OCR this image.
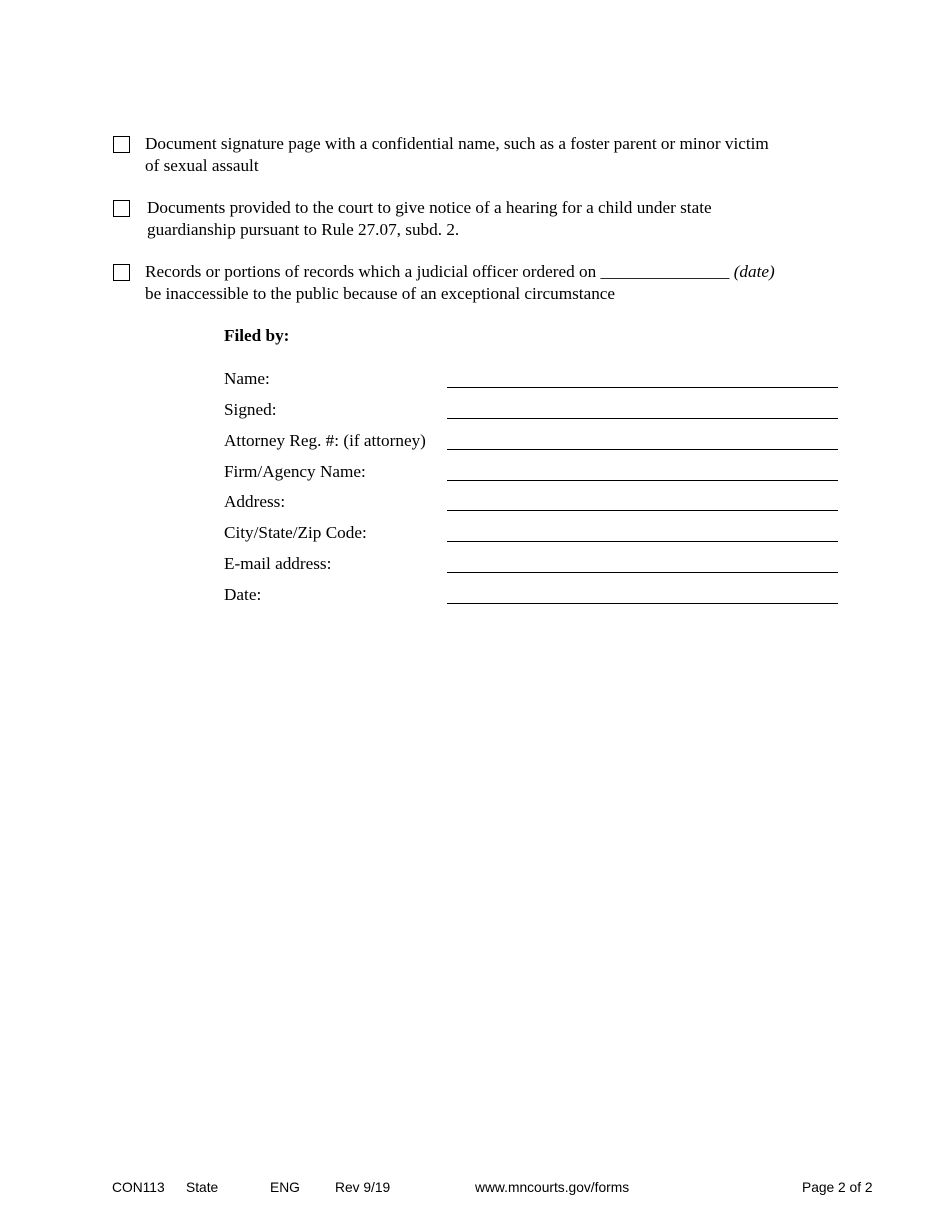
Document signature page with a confidential name, such as a foster parent or minor victim
of sexual assault
Documents provided to the court to give notice of a hearing for a child under state
guardianship pursuant to Rule 27.07, subd. 2.
Records or portions of records which a judicial officer ordered on _______________ (date)
be inaccessible to the public because of an exceptional circumstance
Filed by:
Name:
Signed:
Attorney Reg. #: (if attorney)
Firm/Agency Name:
Address:
City/State/Zip Code:
E-mail address:
Date:
CON113 State	ENG	Rev 9/19	www.mncourts.gov/forms	Page 2 of 2
